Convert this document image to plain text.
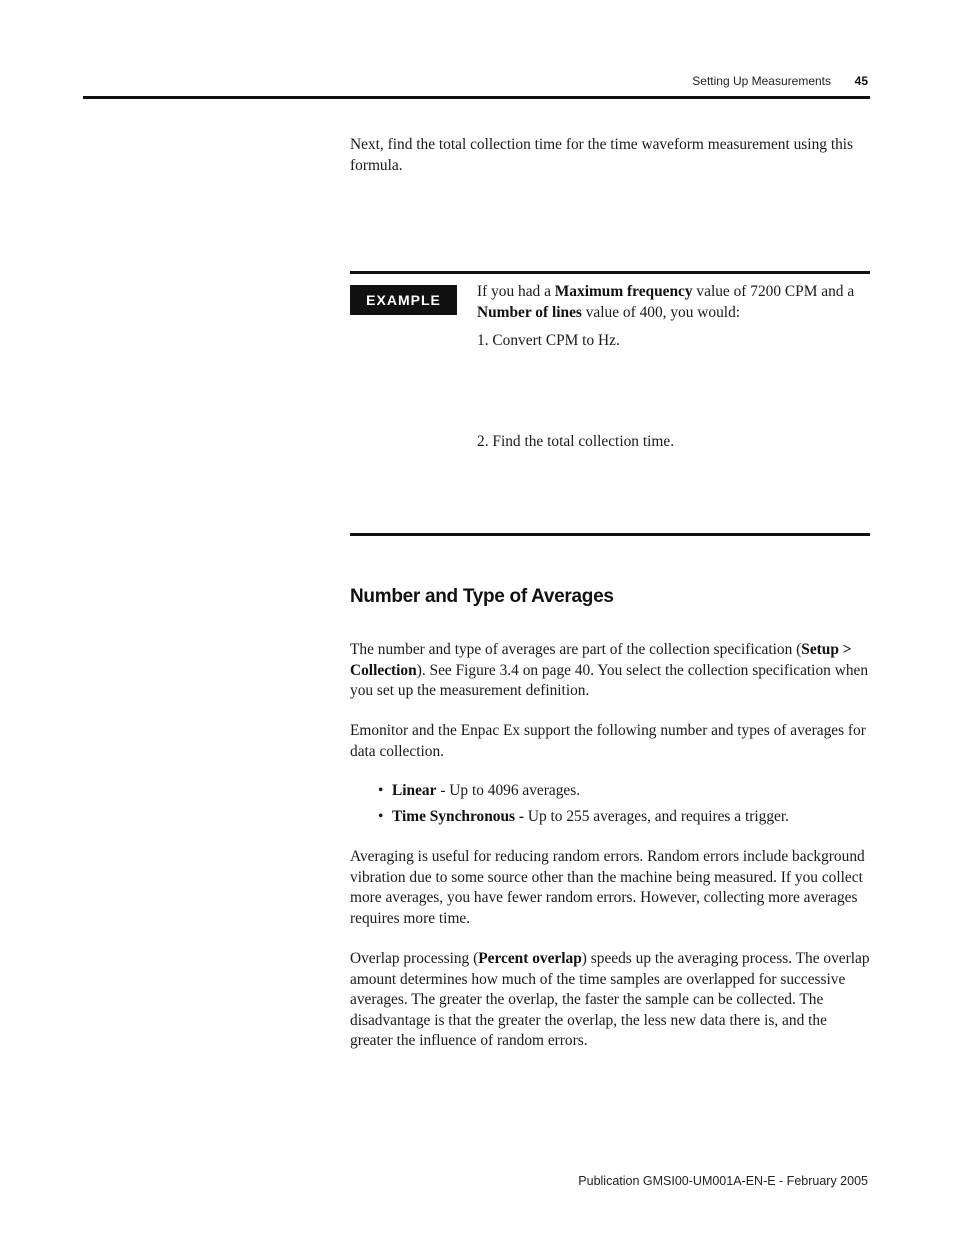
Setting Up Measurements 45

Next, find the total collection time for the time waveform measurement using this formula.

EXAMPLE	If you had a Maximum frequency value of 7200 CPM and a Number of lines value of 400, you would:

1. Convert CPM to Hz.
2. Find the total collection time.
Number and Type of Averages

The number and type of averages are part of the collection specification (Setup > Collection). See Figure 3.4 on page 40. You select the collection specification when you set up the measurement definition.

Emonitor and the Enpac Ex support the following number and types of averages for data collection.

• Linear - Up to 4096 averages.
• Time Synchronous - Up to 255 averages, and requires a trigger.

Averaging is useful for reducing random errors. Random errors include background vibration due to some source other than the machine being measured. If you collect more averages, you have fewer random errors. However, collecting more averages requires more time.

Overlap processing (Percent overlap) speeds up the averaging process. The overlap amount determines how much of the time samples are overlapped for successive averages. The greater the overlap, the faster the sample can be collected. The disadvantage is that the greater the overlap, the less new data there is, and the greater the influence of random errors.

Publication GMSI00-UM001A-EN-E - February 2005
